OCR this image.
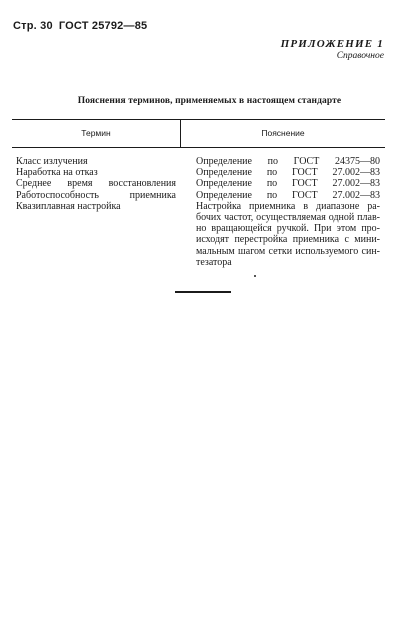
Стр. 30 ГОСТ 25792—85
ПРИЛОЖЕНИЕ 1
Справочное
Пояснения терминов, применяемых в настоящем стандарте
Термин	Пояснение
Класс излучения
Наработка на отказ
Среднее время восстановления
Работоспособность приемника
Квазиплавная настройка
Определение по ГОСТ 24375—80
Определение по ГОСТ 27.002—83
Определение по ГОСТ 27.002—83
Определение по ГОСТ 27.002—83
Настройка приемника в диапазоне ра-
бочих частот, осуществляемая одной плав-
но вращающейся ручкой. При этом про-
исходят перестройка приемника с мини-
мальным шагом сетки используемого син-
тезатора
